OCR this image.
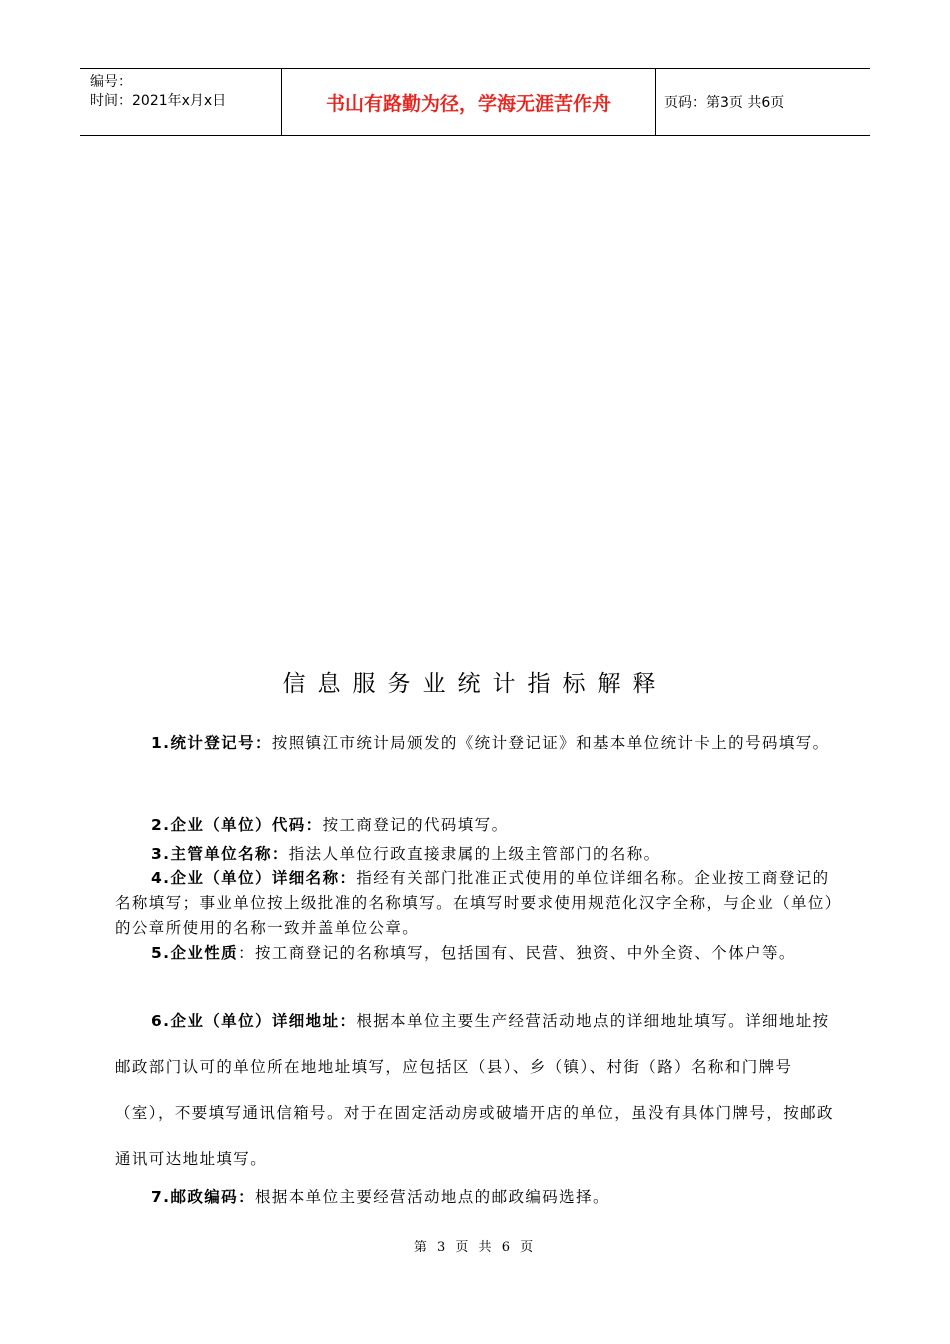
编号：
时间：2021年x月x日	书山有路勤为径，学海无涯苦作舟	页码：第3页 共6页
信息服务业统计指标解释

1.统计登记号：按照镇江市统计局颁发的《统计登记证》和基本单位统计卡上的号码填写。

2.企业（单位）代码：按工商登记的代码填写。

3.主管单位名称：指法人单位行政直接隶属的上级主管部门的名称。

4.企业（单位）详细名称：指经有关部门批准正式使用的单位详细名称。企业按工商登记的名称填写；事业单位按上级批准的名称填写。在填写时要求使用规范化汉字全称，与企业（单位）的公章所使用的名称一致并盖单位公章。

5.企业性质：按工商登记的名称填写，包括国有、民营、独资、中外全资、个体户等。

6.企业（单位）详细地址：根据本单位主要生产经营活动地点的详细地址填写。详细地址按邮政部门认可的单位所在地地址填写，应包括区（县）、乡（镇）、村街（路）名称和门牌号（室），不要填写通讯信箱号。对于在固定活动房或破墙开店的单位，虽没有具体门牌号，按邮政通讯可达地址填写。

7.邮政编码：根据本单位主要经营活动地点的邮政编码选择。

第 3 页 共 6 页
